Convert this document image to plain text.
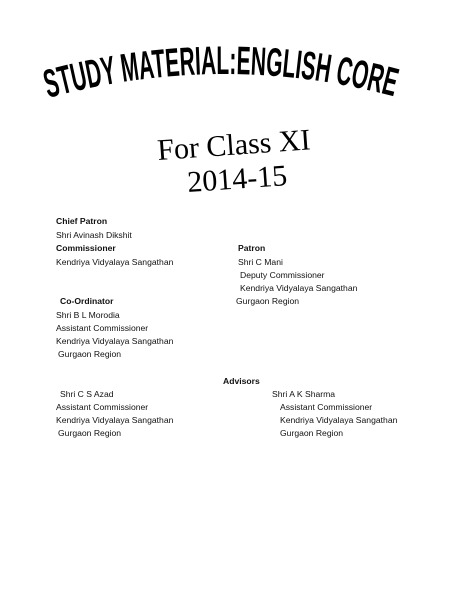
STUDY MATERIAL:ENGLISH CORE
For Class XI
2014-15
Chief Patron
Shri Avinash Dikshit
Commissioner
Kendriya Vidyalaya Sangathan
Patron
Shri C Mani
Deputy Commissioner
Kendriya Vidyalaya Sangathan
Gurgaon Region
Co-Ordinator
Shri B L Morodia
Assistant Commissioner
Kendriya Vidyalaya Sangathan
Gurgaon Region
Advisors
Shri C S Azad
Assistant Commissioner
Kendriya Vidyalaya Sangathan
Gurgaon Region
Shri A K Sharma
Assistant Commissioner
Kendriya Vidyalaya Sangathan
Gurgaon Region
